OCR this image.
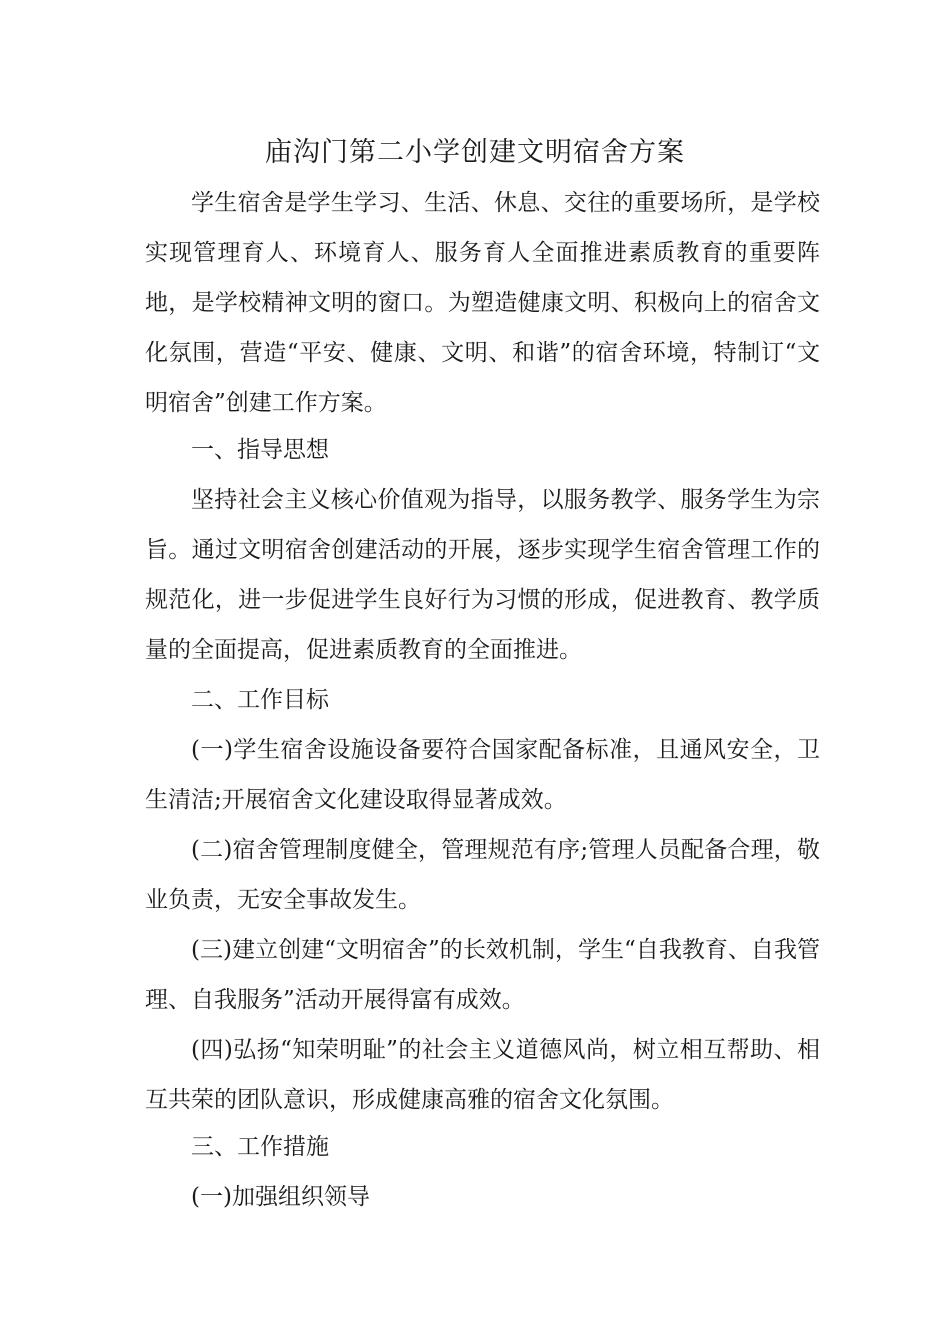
庙沟门第二小学创建文明宿舍方案

学生宿舍是学生学习、生活、休息、交往的重要场所，是学校实现管理育人、环境育人、服务育人全面推进素质教育的重要阵地，是学校精神文明的窗口。为塑造健康文明、积极向上的宿舍文化氛围，营造“平安、健康、文明、和谐”的宿舍环境，特制订“文明宿舍”创建工作方案。

一、指导思想

坚持社会主义核心价值观为指导，以服务教学、服务学生为宗旨。通过文明宿舍创建活动的开展，逐步实现学生宿舍管理工作的规范化，进一步促进学生良好行为习惯的形成，促进教育、教学质量的全面提高，促进素质教育的全面推进。

二、工作目标

(一)学生宿舍设施设备要符合国家配备标准，且通风安全，卫生清洁;开展宿舍文化建设取得显著成效。

(二)宿舍管理制度健全，管理规范有序;管理人员配备合理，敬业负责，无安全事故发生。

(三)建立创建“文明宿舍”的长效机制，学生“自我教育、自我管理、自我服务”活动开展得富有成效。

(四)弘扬“知荣明耻”的社会主义道德风尚，树立相互帮助、相互共荣的团队意识，形成健康高雅的宿舍文化氛围。

三、工作措施

(一)加强组织领导
